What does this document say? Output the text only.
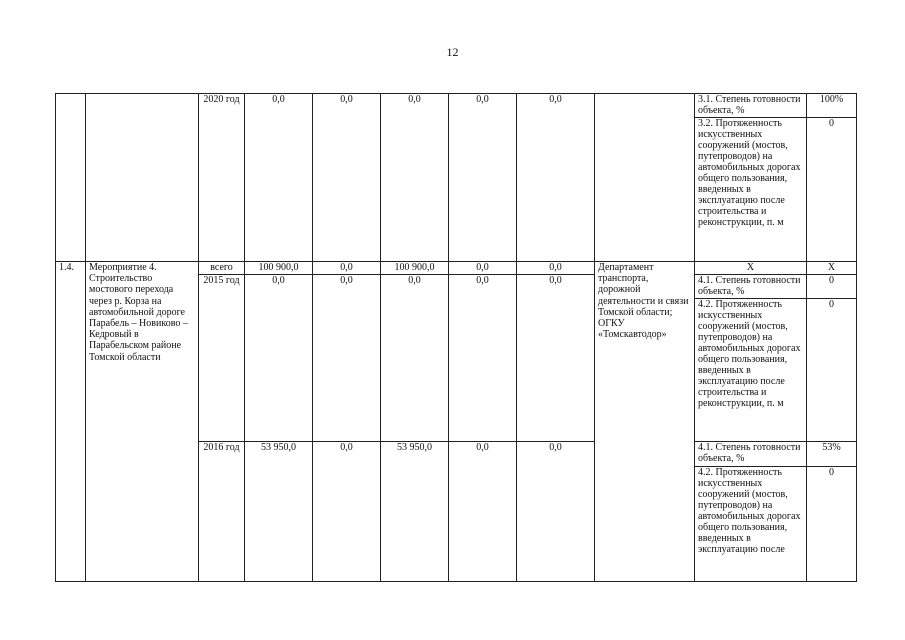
12
		2020 год	0,0	0,0	0,0	0,0	0,0		3.1. Степень готовности объекта, %	100%
									3.2. Протяженность искусственных сооружений (мостов, путепроводов) на автомобильных дорогах общего пользования, введенных в эксплуатацию после строительства и реконструкции, п. м	0
1.4.	Мероприятие 4. Строительство мостового перехода через р. Корза на автомобильной дороге Парабель – Новиково – Кедровый в Парабельском районе Томской области	всего	100 900,0	0,0	100 900,0	0,0	0,0	Департамент транспорта, дорожной деятельности и связи Томской области; ОГКУ «Томскавтодор»	Х	Х
		2015 год	0,0	0,0	0,0	0,0	0,0		4.1. Степень готовности объекта, %	0
									4.2. Протяженность искусственных сооружений (мостов, путепроводов) на автомобильных дорогах общего пользования, введенных в эксплуатацию после строительства и реконструкции, п. м	0
		2016 год	53 950,0	0,0	53 950,0	0,0	0,0		4.1. Степень готовности объекта, %	53%
									4.2. Протяженность искусственных сооружений (мостов, путепроводов) на автомобильных дорогах общего пользования, введенных в эксплуатацию после	0
